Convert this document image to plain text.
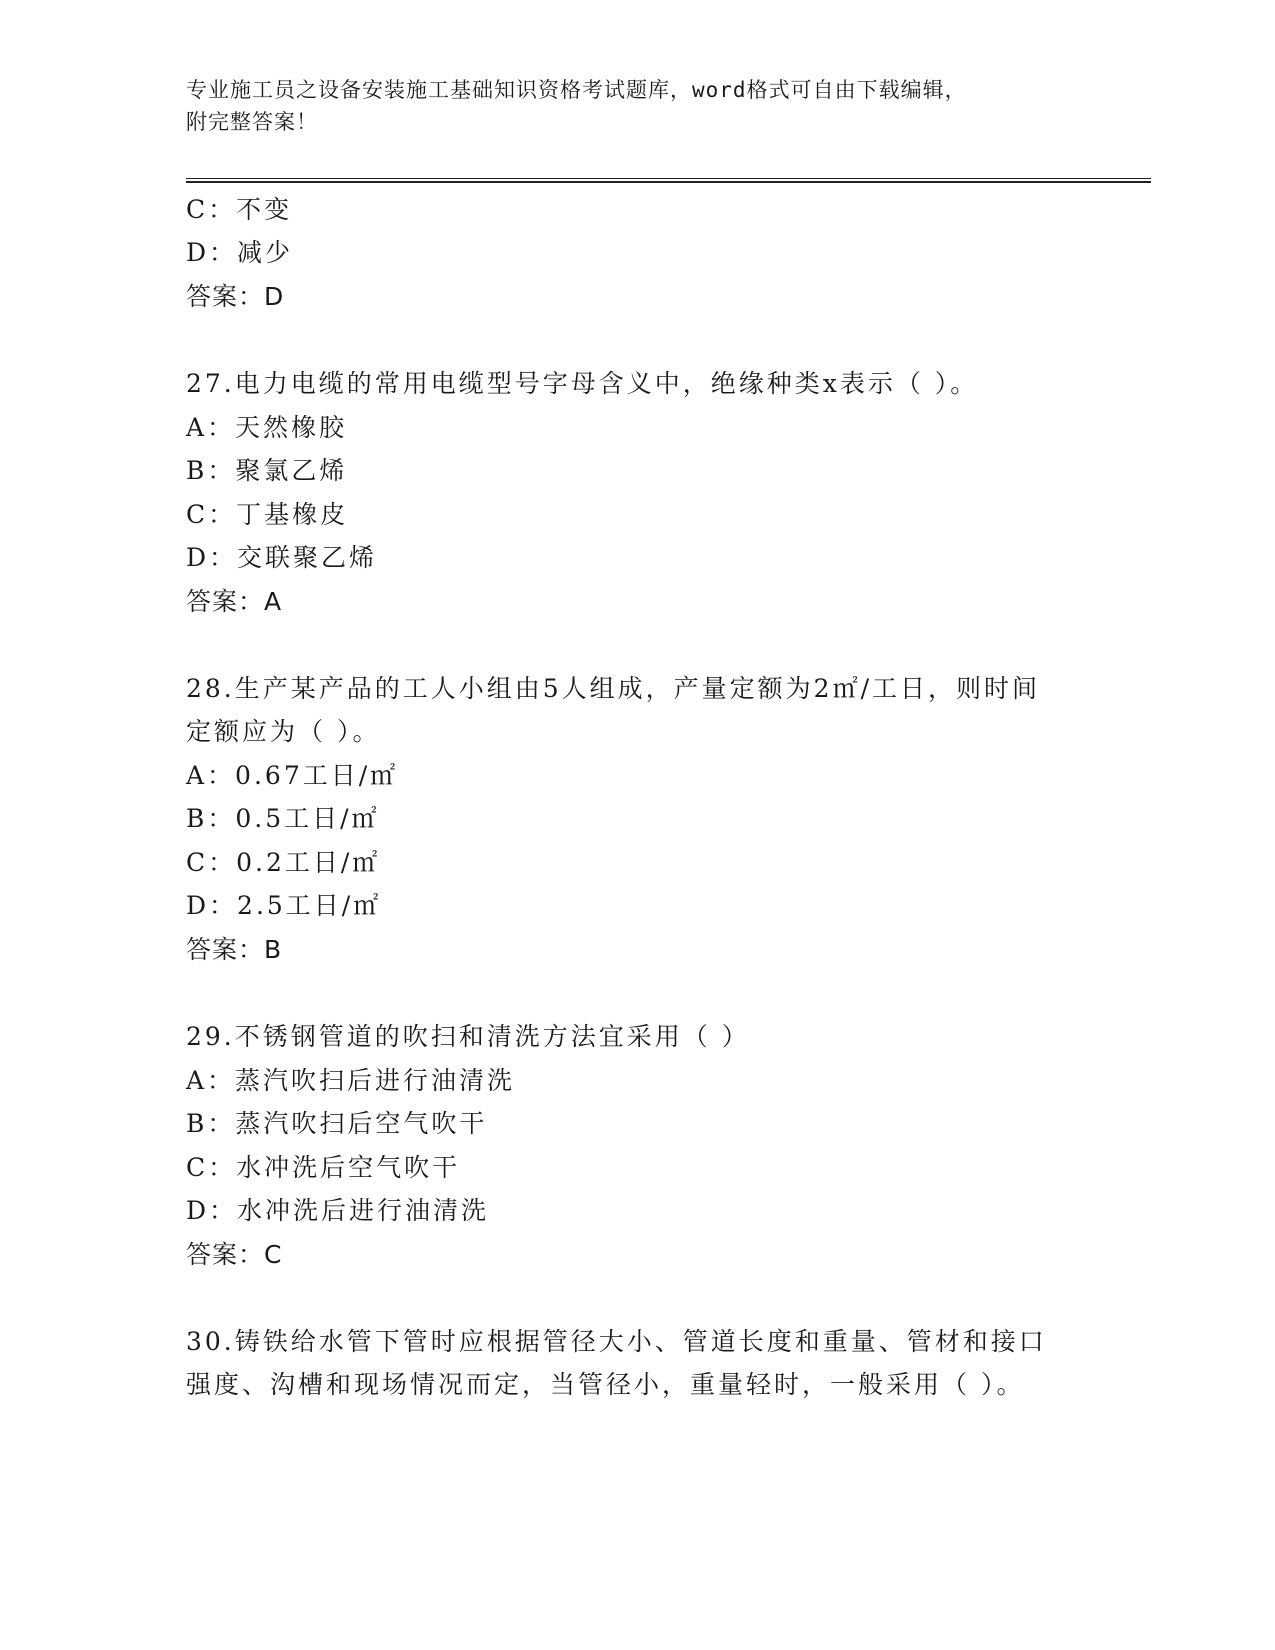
专业施工员之设备安装施工基础知识资格考试题库，word格式可自由下载编辑，
附完整答案！
C：不变
D：减少
答案：D
27.电力电缆的常用电缆型号字母含义中，绝缘种类x表示（ ）。
A：天然橡胶
B：聚氯乙烯
C：丁基橡皮
D：交联聚乙烯
答案：A
28.生产某产品的工人小组由5人组成，产量定额为2㎡/工日，则时间
定额应为（ ）。
A：0.67工日/㎡
B：0.5工日/㎡
C：0.2工日/㎡
D：2.5工日/㎡
答案：B
29.不锈钢管道的吹扫和清洗方法宜采用（ ）
A：蒸汽吹扫后进行油清洗
B：蒸汽吹扫后空气吹干
C：水冲洗后空气吹干
D：水冲洗后进行油清洗
答案：C
30.铸铁给水管下管时应根据管径大小、管道长度和重量、管材和接口
强度、沟槽和现场情况而定，当管径小，重量轻时，一般采用（ ）。
